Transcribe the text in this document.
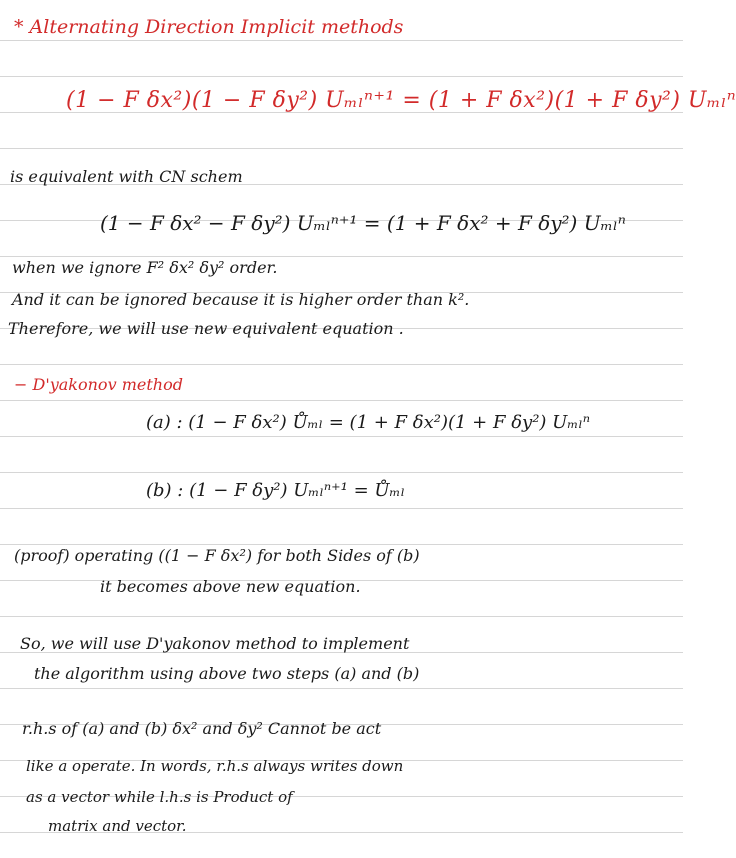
* Alternating Direction Implicit methods
(1 − F δx²)(1 − F δy²) Uₘₗⁿ⁺¹ = (1 + F δx²)(1 + F δy²) Uₘₗⁿ
is equivalent with CN schem
(1 − F δx² − F δy²) Uₘₗⁿ⁺¹ = (1 + F δx² + F δy²) Uₘₗⁿ
when we ignore F² δx² δy² order.
And it can be ignored because it is higher order than k².
Therefore, we will use new equivalent equation .
− D'yakonov method
(a) : (1 − F δx²) Ůₘₗ = (1 + F δx²)(1 + F δy²) Uₘₗⁿ
(b) : (1 − F δy²) Uₘₗⁿ⁺¹ = Ůₘₗ
(proof) operating ((1 − F δx²) for both Sides of (b)
it becomes above new equation.
So, we will use D'yakonov method to implement
the algorithm using above two steps (a) and (b)
r.h.s of (a) and (b) δx² and δy² Cannot be act
like a operate. In words, r.h.s always writes down
as a vector while l.h.s is Product of
matrix and vector.
